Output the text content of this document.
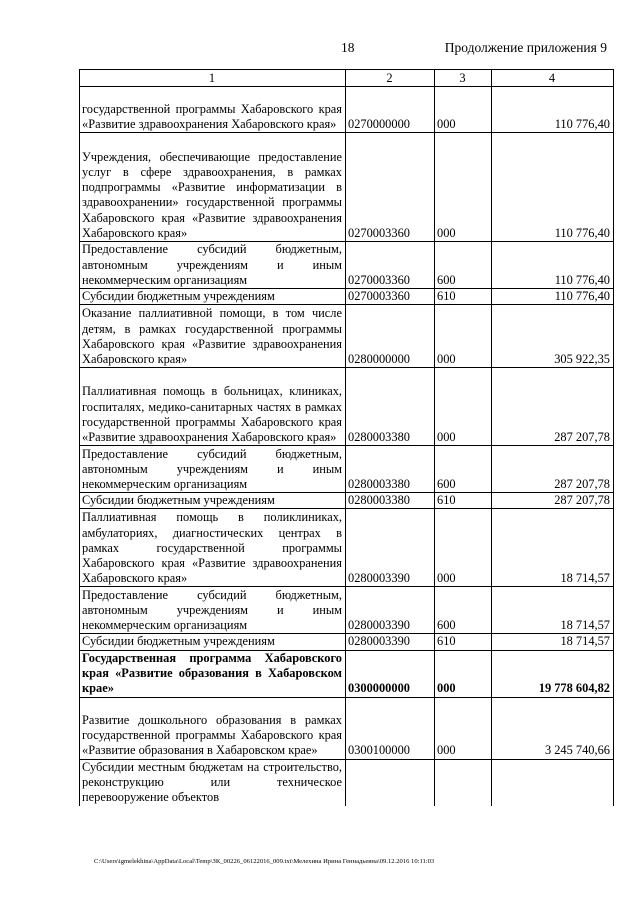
18	Продолжение приложения 9
1	2	3	4
государственной программы Хабаровского края «Развитие здравоохранения Хабаровского края»	0270000000	000	110 776,40
Учреждения, обеспечивающие предоставление услуг в сфере здравоохранения, в рамках подпрограммы «Развитие информатизации в здравоохранении» государственной программы Хабаровского края «Развитие здравоохранения Хабаровского края»	0270003360	000	110 776,40
Предоставление субсидий бюджетным, автономным учреждениям и иным некоммерческим организациям	0270003360	600	110 776,40
Субсидии бюджетным учреждениям	0270003360	610	110 776,40
Оказание паллиативной помощи, в том числе детям, в рамках государственной программы Хабаровского края «Развитие здравоохранения Хабаровского края»	0280000000	000	305 922,35
Паллиативная помощь в больницах, клиниках, госпиталях, медико-санитарных частях в рамках государственной программы Хабаровского края «Развитие здравоохранения Хабаровского края»	0280003380	000	287 207,78
Предоставление субсидий бюджетным, автономным учреждениям и иным некоммерческим организациям	0280003380	600	287 207,78
Субсидии бюджетным учреждениям	0280003380	610	287 207,78
Паллиативная помощь в поликлиниках, амбулаториях, диагностических центрах в рамках государственной программы Хабаровского края «Развитие здравоохранения Хабаровского края»	0280003390	000	18 714,57
Предоставление субсидий бюджетным, автономным учреждениям и иным некоммерческим организациям	0280003390	600	18 714,57
Субсидии бюджетным учреждениям	0280003390	610	18 714,57
Государственная программа Хабаровского края «Развитие образования в Хабаровском крае»	0300000000	000	19 778 604,82
Развитие дошкольного образования в рамках государственной программы Хабаровского края «Развитие образования в Хабаровском крае»	0300100000	000	3 245 740,66
Субсидии местным бюджетам на строительство, реконструкцию или техническое перевооружение объектов			
C:\Users\igmelekhina\AppData\Local\Temp\ЗК_00226_06122016_009.txt\Мелехина Ирина Геннадьевна\09.12.2016 10:11:03
